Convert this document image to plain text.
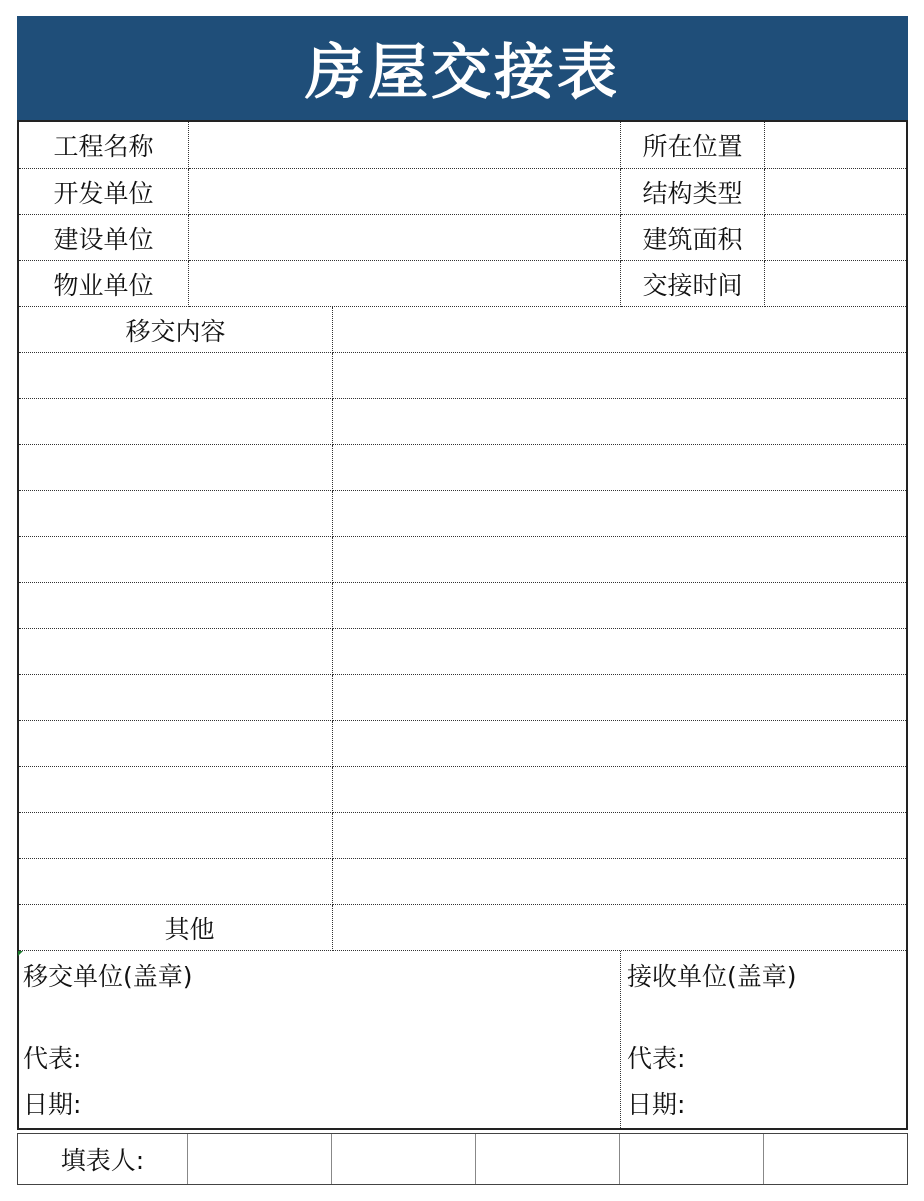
房屋交接表
工程名称	所在位置
开发单位	结构类型
建设单位	建筑面积
物业单位	交接时间
移交内容
其他
移交单位(盖章)
代表:
日期:
接收单位(盖章)
代表:
日期:
填表人:
